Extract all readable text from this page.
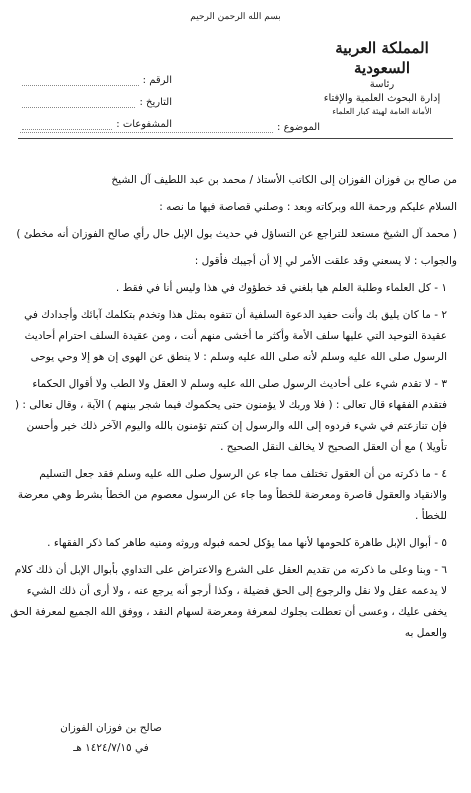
بسم الله الرحمن الرحيم
المملكة العربية السعودية
رئاسة
إدارة البحوث العلمية والإفتاء
الأمانة العامة لهيئة كبار العلماء
الرقم :
التاريخ :
المشفوعات :	الموضوع :

من صالح بن فوزان الفوزان إلى الكاتب الأستاذ / محمد بن عبد اللطيف آل الشيخ

السلام عليكم ورحمة الله وبركاته وبعد : وصلني قصاصة فيها ما نصه :

( محمد آل الشيخ مستعد للتراجع عن التساؤل في حديث بول الإبل حال رأي صالح الفوزان أنه مخطئ )

والجواب : لا يسعني وقد علقت الأمر لي إلا أن أجيبك فأقول :

١ - كل العلماء وطلبة العلم هيا بلغني قد خطؤوك في هذا وليس أنا في فقط .

٢ - ما كان يليق بك وأنت حفيد الدعوة السلفية أن تتفوه بمثل هذا وتخدم بتكلمك آبائك وأجدادك في عقيدة التوحيد التي عليها سلف الأمة وأكثر ما أخشى منهم أنت ، ومن عقيدة السلف احترام أحاديث الرسول صلى الله عليه وسلم لأنه صلى الله عليه وسلم : لا ينطق عن الهوى إن هو إلا وحي يوحى

٣ - لا تقدم شيء على أحاديث الرسول صلى الله عليه وسلم لا العقل ولا الطب ولا أقوال الحكماء فتقدم الفقهاء قال تعالى : ( فلا وربك لا يؤمنون حتى يحكموك فيما شجر بينهم ) الآية ، وقال تعالى : ( فإن تنازعتم في شيء فردوه إلى الله والرسول إن كنتم تؤمنون بالله واليوم الآخر ذلك خير وأحسن تأويلا ) مع أن العقل الصحيح لا يخالف النقل الصحيح .

٤ - ما ذكرته من أن العقول تختلف مما جاء عن الرسول صلى الله عليه وسلم فقد جعل التسليم والانقياد والعقول قاصرة ومعرضة للخطأ وما جاء عن الرسول معصوم من الخطأ بشرط وهي معرضة للخطأ .

٥ - أبوال الإبل طاهرة كلحومها لأنها مما يؤكل لحمه فبوله وروثه ومنيه طاهر كما ذكر الفقهاء .

٦ - وبنا وعلى ما ذكرته من تقديم العقل على الشرع والاعتراض على التداوي بأبوال الإبل أن ذلك كلام لا يدعمه عقل ولا نقل والرجوع إلى الحق فضيلة ، وكذا أرجو أنه يرجع عنه ، ولا أرى أن ذلك الشيء يخفى عليك ، وعسى أن تعطلت بجلوك لمعرفة ومعرضة لسهام النقد ، ووفق الله الجميع لمعرفة الحق والعمل به

صالح بن فوزان الفوزان
في ١٤٢٤/٧/١٥ هـ
